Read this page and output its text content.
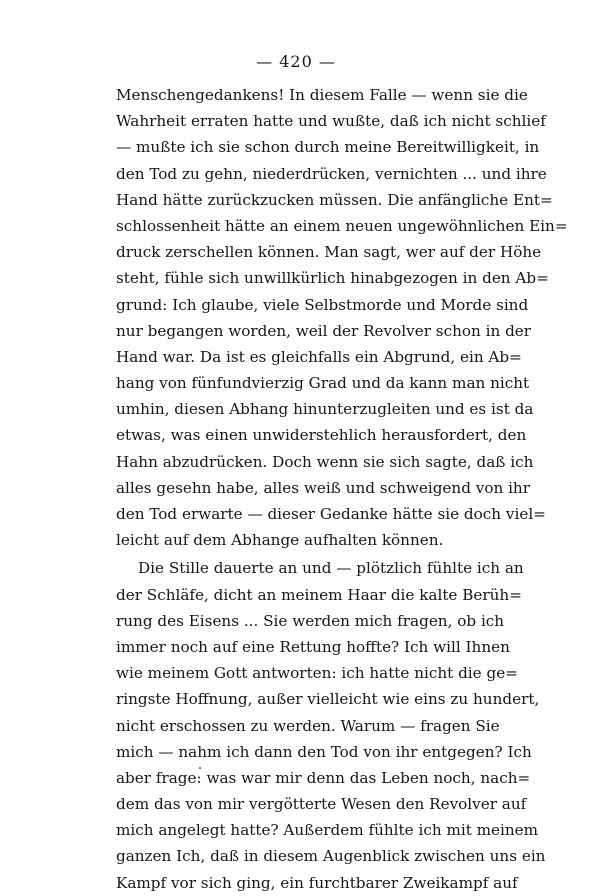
— 420 —
Menschengedankens! In diesem Falle — wenn sie die
Wahrheit erraten hatte und wußte, daß ich nicht schlief
— mußte ich sie schon durch meine Bereitwilligkeit, in
den Tod zu gehn, niederdrücken, vernichten ... und ihre
Hand hätte zurückzucken müssen. Die anfängliche Ent=
schlossenheit hätte an einem neuen ungewöhnlichen Ein=
druck zerschellen können. Man sagt, wer auf der Höhe
steht, fühle sich unwillkürlich hinabgezogen in den Ab=
grund: Ich glaube, viele Selbstmorde und Morde sind
nur begangen worden, weil der Revolver schon in der
Hand war. Da ist es gleichfalls ein Abgrund, ein Ab=
hang von fünfundvierzig Grad und da kann man nicht
umhin, diesen Abhang hinunterzugleiten und es ist da
etwas, was einen unwiderstehlich herausfordert, den
Hahn abzudrücken. Doch wenn sie sich sagte, daß ich
alles gesehn habe, alles weiß und schweigend von ihr
den Tod erwarte — dieser Gedanke hätte sie doch viel=
leicht auf dem Abhange aufhalten können.
Die Stille dauerte an und — plötzlich fühlte ich an
der Schläfe, dicht an meinem Haar die kalte Berüh=
rung des Eisens ... Sie werden mich fragen, ob ich
immer noch auf eine Rettung hoffte? Ich will Ihnen
wie meinem Gott antworten: ich hatte nicht die ge=
ringste Hoffnung, außer vielleicht wie eins zu hundert,
nicht erschossen zu werden. Warum — fragen Sie
mich — nahm ich dann den Tod von ihr entgegen? Ich
aber frage: was war mir denn das Leben noch, nach=
dem das von mir vergötterte Wesen den Revolver auf
mich angelegt hatte? Außerdem fühlte ich mit meinem
ganzen Ich, daß in diesem Augenblick zwischen uns ein
Kampf vor sich ging, ein furchtbarer Zweikampf auf
